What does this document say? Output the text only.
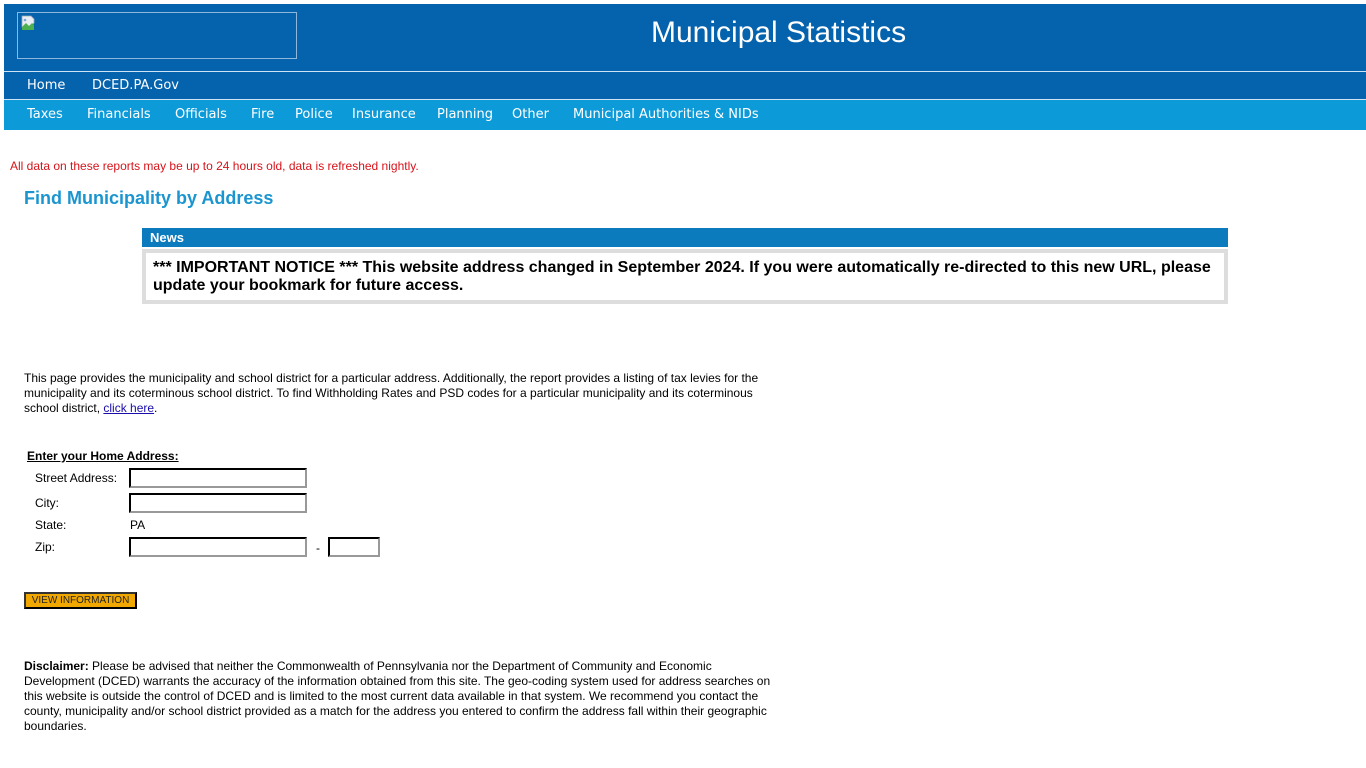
Municipal Statistics
Home DCED.PA.Gov
Taxes Financials Officials Fire Police Insurance Planning Other Municipal Authorities & NIDs
All data on these reports may be up to 24 hours old, data is refreshed nightly.
Find Municipality by Address
News

*** IMPORTANT NOTICE *** This website address changed in September 2024. If you were automatically re-directed to this new URL, please update your bookmark for future access.

This page provides the municipality and school district for a particular address. Additionally, the report provides a listing of tax levies for the municipality and its coterminous school district. To find Withholding Rates and PSD codes for a particular municipality and its coterminous school district, click here.

Enter your Home Address:
Street Address:
City:
State:	PA
Zip:	-
VIEW INFORMATION

Disclaimer: Please be advised that neither the Commonwealth of Pennsylvania nor the Department of Community and Economic Development (DCED) warrants the accuracy of the information obtained from this site. The geo-coding system used for address searches on this website is outside the control of DCED and is limited to the most current data available in that system. We recommend you contact the county, municipality and/or school district provided as a match for the address you entered to confirm the address fall within their geographic boundaries.
